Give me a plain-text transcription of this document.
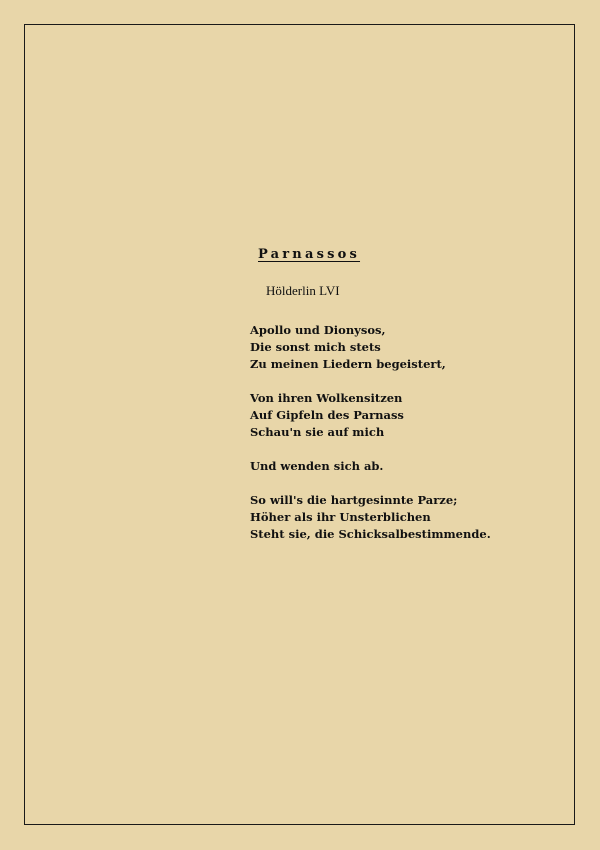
Parnassos
Hölderlin LVI
Apollo und Dionysos,
Die sonst mich stets
Zu meinen Liedern begeistert,
Von ihren Wolkensitzen
Auf Gipfeln des Parnass
Schau'n sie auf mich
Und wenden sich ab.
So will's die hartgesinnte Parze;
Höher als ihr Unsterblichen
Steht sie, die Schicksalbestimmende.
